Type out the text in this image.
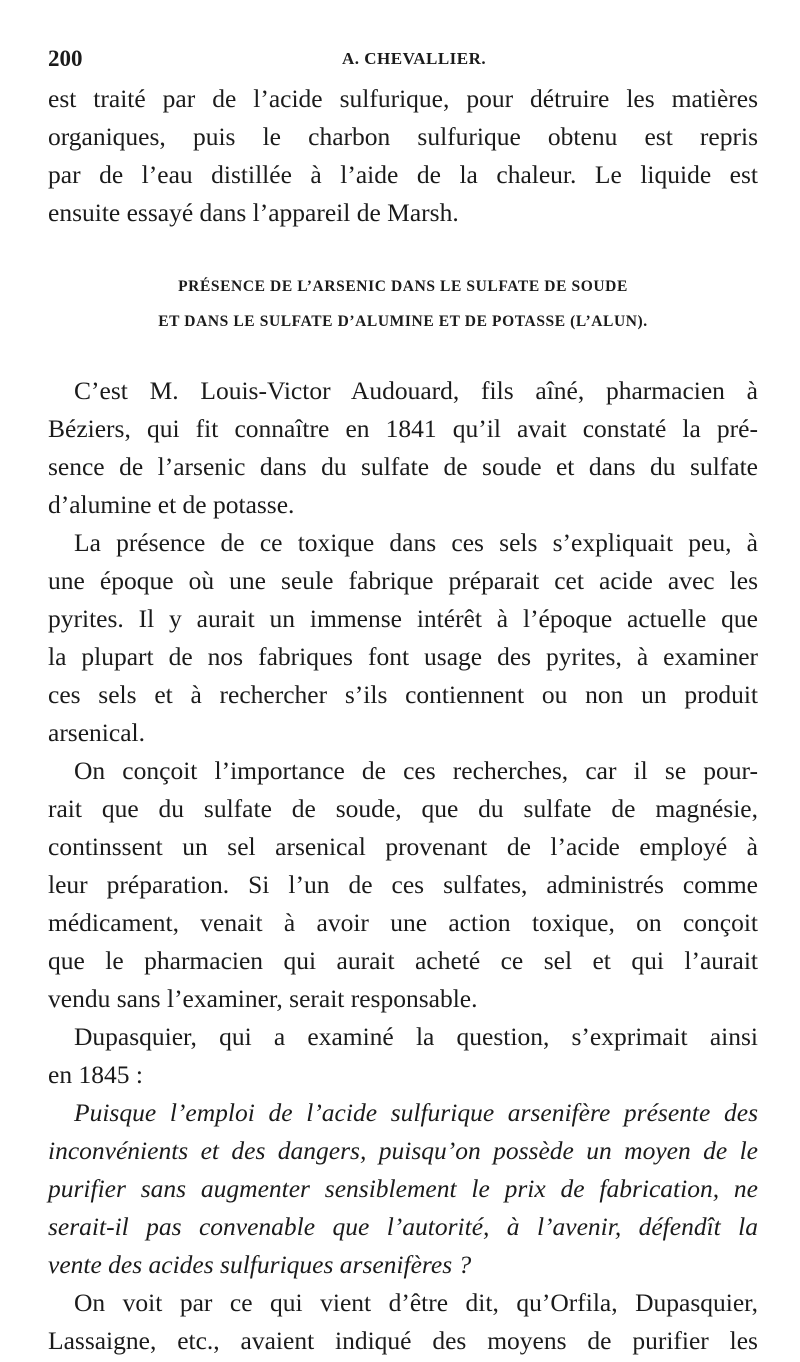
200	A. CHEVALLIER.
est traité par de l’acide sulfurique, pour détruire les matières
organiques, puis le charbon sulfurique obtenu est repris
par de l’eau distillée à l’aide de la chaleur. Le liquide est
ensuite essayé dans l’appareil de Marsh.
PRÉSENCE DE L’ARSENIC DANS LE SULFATE DE SOUDE
ET DANS LE SULFATE D’ALUMINE ET DE POTASSE (L’ALUN).
C’est M. Louis-Victor Audouard, fils aîné, pharmacien à
Béziers, qui fit connaître en 1841 qu’il avait constaté la pré-
sence de l’arsenic dans du sulfate de soude et dans du sulfate
d’alumine et de potasse.
La présence de ce toxique dans ces sels s’expliquait peu, à
une époque où une seule fabrique préparait cet acide avec les
pyrites. Il y aurait un immense intérêt à l’époque actuelle que
la plupart de nos fabriques font usage des pyrites, à examiner
ces sels et à rechercher s’ils contiennent ou non un produit
arsenical.
On conçoit l’importance de ces recherches, car il se pour-
rait que du sulfate de soude, que du sulfate de magnésie,
continssent un sel arsenical provenant de l’acide employé à
leur préparation. Si l’un de ces sulfates, administrés comme
médicament, venait à avoir une action toxique, on conçoit
que le pharmacien qui aurait acheté ce sel et qui l’aurait
vendu sans l’examiner, serait responsable.
Dupasquier, qui a examiné la question, s’exprimait ainsi
en 1845 :
Puisque l’emploi de l’acide sulfurique arsenifère présente des
inconvénients et des dangers, puisqu’on possède un moyen de le
purifier sans augmenter sensiblement le prix de fabrication, ne
serait-il pas convenable que l’autorité, à l’avenir, défendît la
vente des acides sulfuriques arsenifères ?
On voit par ce qui vient d’être dit, qu’Orfila, Dupasquier,
Lassaigne, etc., avaient indiqué des moyens de purifier les
